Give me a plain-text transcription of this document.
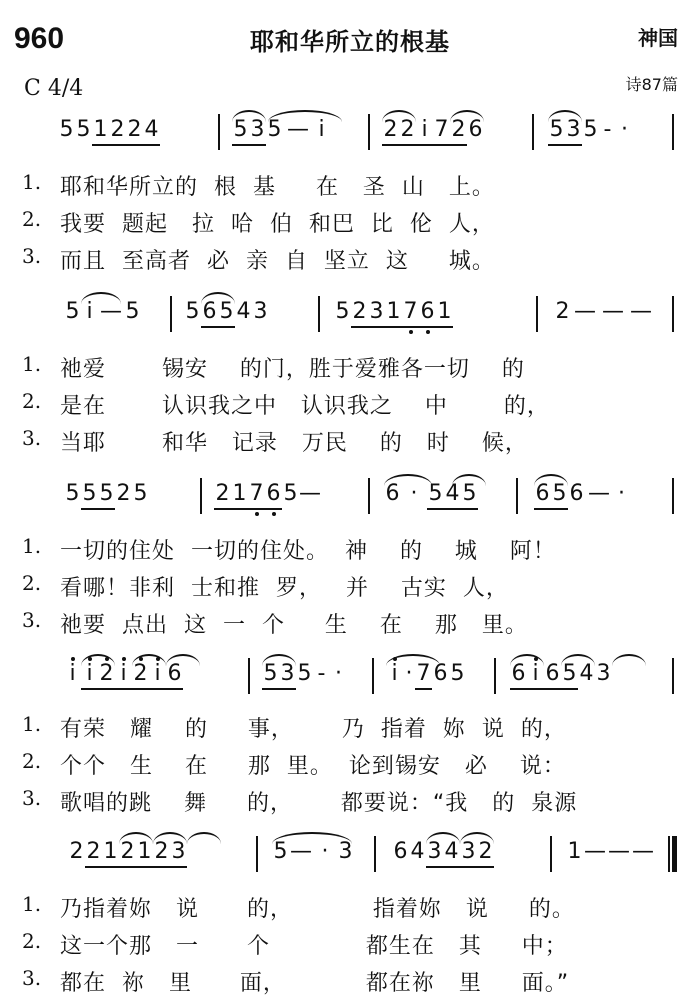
960	耶和华所立的根基	神国
C 4/4	诗87篇
5 5 1 2 2 4	5 3 5 — i	2 2 i 7 2 6	5 3 5 - ·
1. 耶和华所立的  根  基     在   圣  山   上。
2. 我要  题起   拉  哈  伯  和巴  比  伦  人，
3. 而且  至高者  必  亲  自  坚立  这     城。
5 i — 5 5 6 5 4 3	5 2 3 1 7 6 1	2 — — —
1. 祂爱       锡安    的门，胜于爱雅各一切    的
2. 是在       认识我之中   认识我之    中       的，
3. 当耶       和华   记录   万民    的   时    候，
5 5 5 2 5	2 1 7 6 5 —	6 · 5 4 5	6 5 6 — ·
1. 一切的住处  一切的住处。  神    的    城    阿！
2. 看哪！非利  士和推  罗，   并    古实  人，
3. 祂要  点出  这  一  个     生    在    那   里。
i i 2 i 2 i 6	5 3 5 - · i · 7 6 5 6 i 6 5 4 3
1. 有荣   耀    的     事，      乃  指着  妳  说  的，
2. 个个   生    在     那  里。  论到锡安   必    说：
3. 歌唱的跳    舞     的，      都要说：“我   的  泉源
2 2 1 2 1 2 3	5 — · 3 6 4 3 4 3 2	1 — — —
1. 乃指着妳   说      的，          指着妳   说     的。
2. 这一个那   一      个            都生在   其     中；
3. 都在  祢   里      面，          都在祢   里     面。”
